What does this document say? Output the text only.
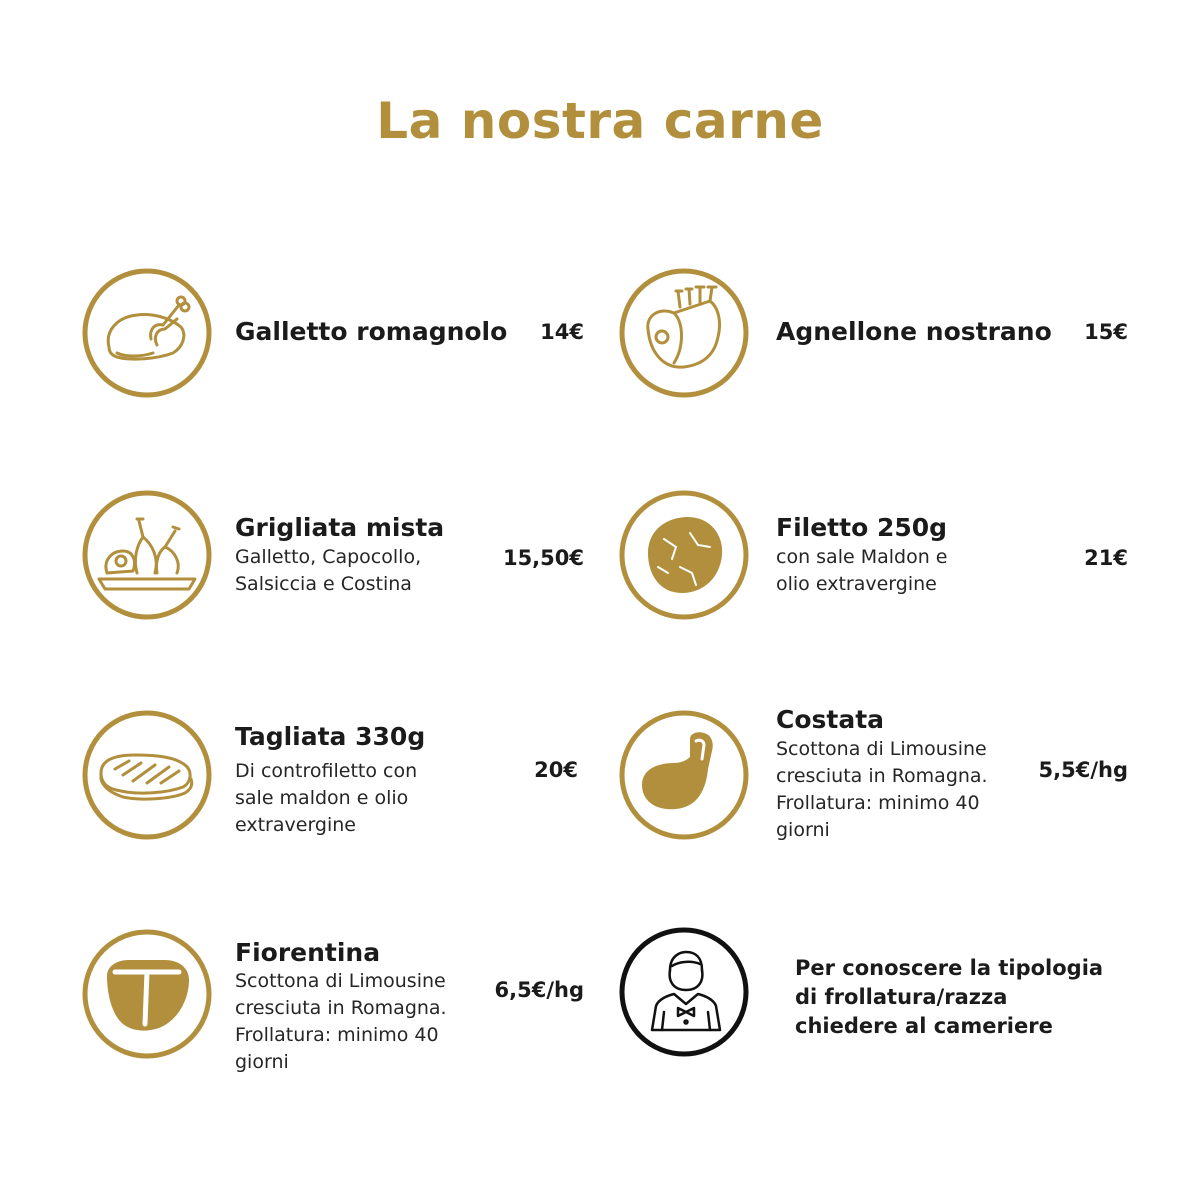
La nostra carne
Galletto romagnolo	14€	Agnellone nostrano	15€
Grigliata mista
Galletto, Capocollo,
Salsiccia e Costina
15,50€
Filetto 250g
con sale Maldon e
olio extravergine
21€
Tagliata 330g
Di controfiletto con
sale maldon e olio
extravergine
20€
Costata
Scottona di Limousine
cresciuta in Romagna.
Frollatura: minimo 40
giorni
5,5€/hg
Fiorentina
Scottona di Limousine
cresciuta in Romagna.
Frollatura: minimo 40
giorni
6,5€/hg
Per conoscere la tipologia
di frollatura/razza
chiedere al cameriere
